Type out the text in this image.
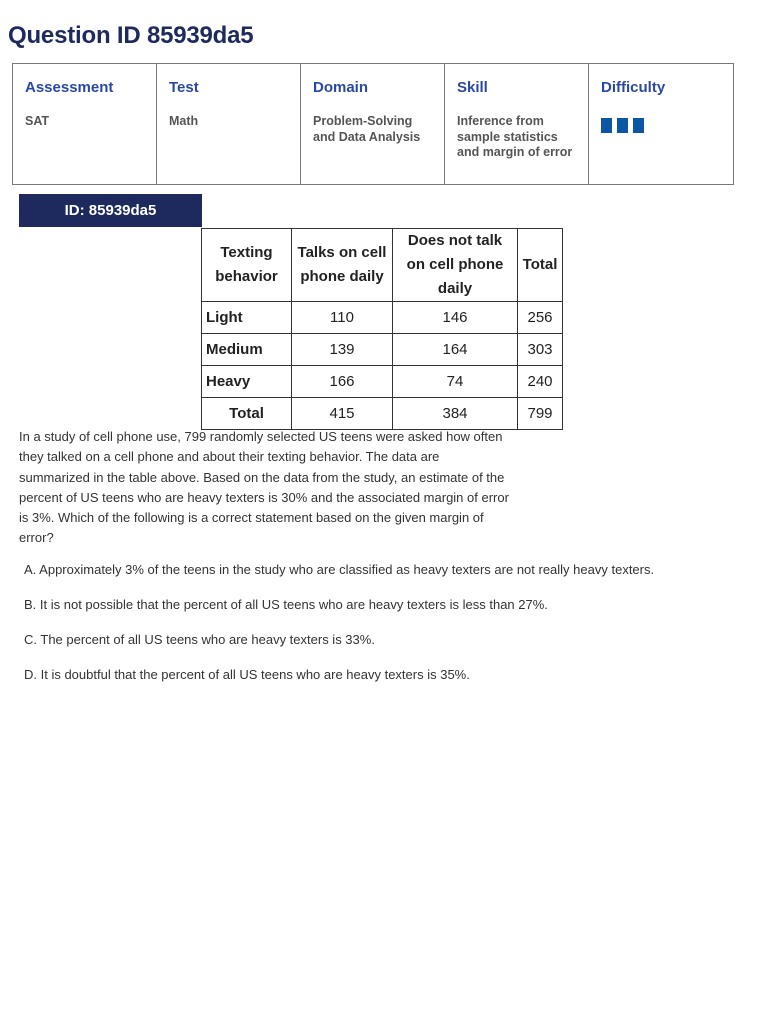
Question ID 85939da5
Assessment
SAT

Test
Math

Domain
Problem-Solving
and Data Analysis

Skill
Inference from
sample statistics
and margin of error

Difficulty
ID: 85939da5
Texting behavior	Talks on cell phone daily	Does not talk on cell phone daily	Total
Light	110	146	256
Medium	139	164	303
Heavy	166	74	240
Total	415	384	799

In a study of cell phone use, 799 randomly selected US teens were asked how often they talked on a cell phone and about their texting behavior. The data are summarized in the table above. Based on the data from the study, an estimate of the percent of US teens who are heavy texters is 30% and the associated margin of error is 3%. Which of the following is a correct statement based on the given margin of error?

A. Approximately 3% of the teens in the study who are classified as heavy texters are not really heavy texters.
B. It is not possible that the percent of all US teens who are heavy texters is less than 27%.
C. The percent of all US teens who are heavy texters is 33%.
D. It is doubtful that the percent of all US teens who are heavy texters is 35%.
